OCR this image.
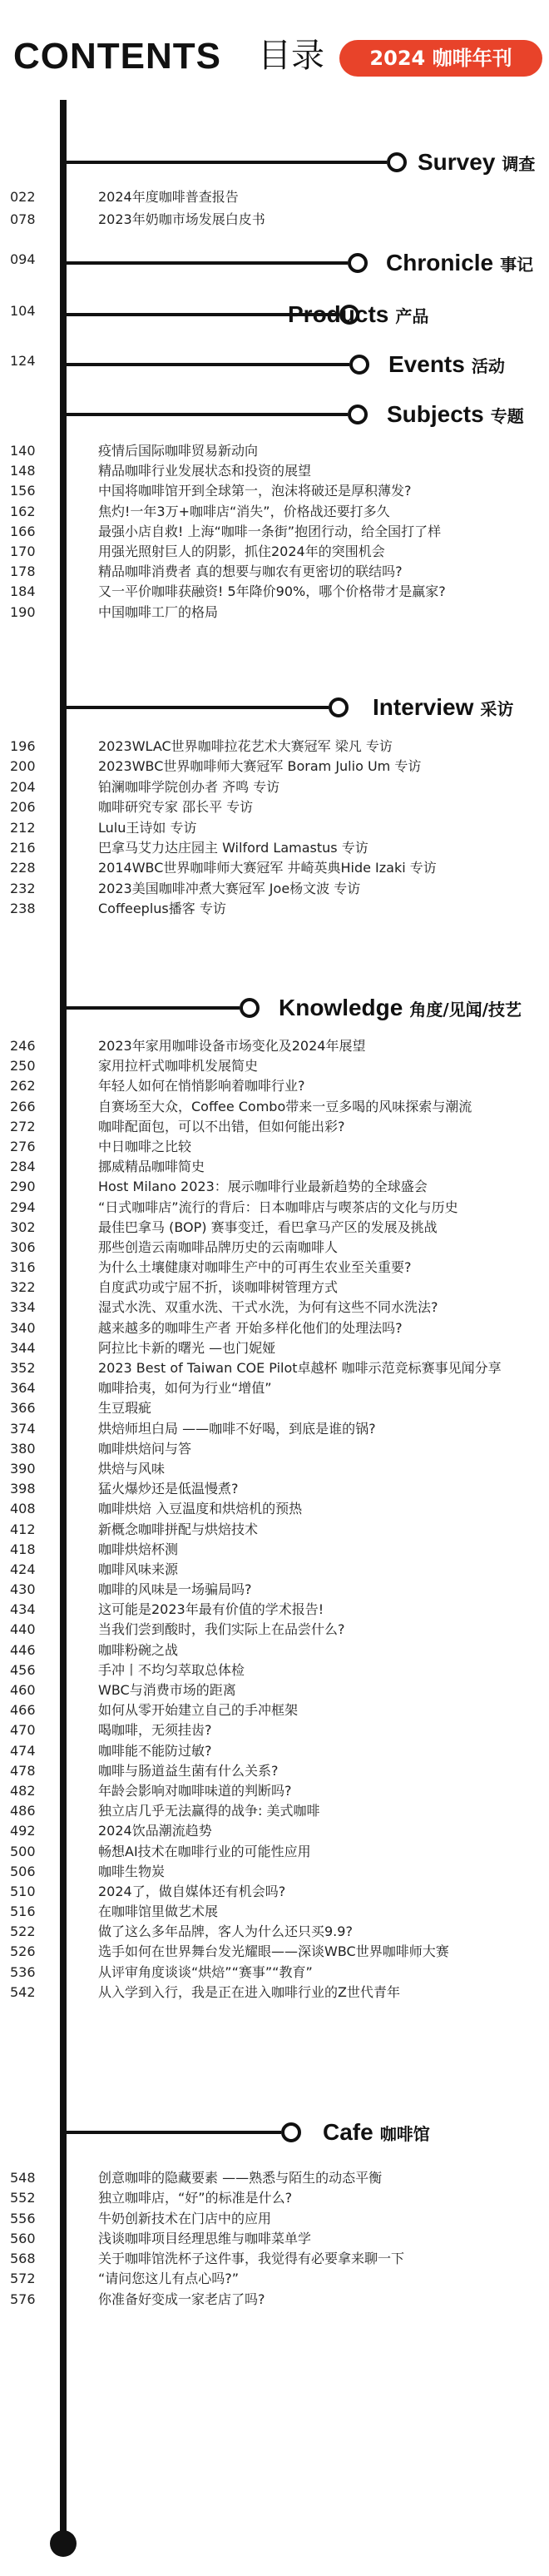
CONTENTS 目录	2024 咖啡年刊
Survey 调查
022	2024年度咖啡普查报告
078	2023年奶咖市场发展白皮书
Chronicle 事记
094
Products 产品
104
Events 活动
124
Subjects 专题
140	疫情后国际咖啡贸易新动向
148	精品咖啡行业发展状态和投资的展望
156	中国将咖啡馆开到全球第一，泡沫将破还是厚积薄发?
162	焦灼!一年3万+咖啡店“消失”，价格战还要打多久
166	最强小店自救! 上海“咖啡一条街”抱团行动，给全国打了样
170	用强光照射巨人的阴影，抓住2024年的突围机会
178	精品咖啡消费者 真的想要与咖农有更密切的联结吗?
184	又一平价咖啡获融资! 5年降价90%，哪个价格带才是赢家?
190	中国咖啡工厂的格局
Interview 采访
196	2023WLAC世界咖啡拉花艺术大赛冠军 梁凡 专访
200	2023WBC世界咖啡师大赛冠军 Boram Julio Um 专访
204	铂澜咖啡学院创办者 齐鸣 专访
206	咖啡研究专家 邵长平 专访
212	Lulu王诗如 专访
216	巴拿马艾力达庄园主 Wilford Lamastus 专访
228	2014WBC世界咖啡师大赛冠军 井崎英典Hide Izaki 专访
232	2023美国咖啡冲煮大赛冠军 Joe杨文波 专访
238	Coffeeplus播客 专访
Knowledge 角度/见闻/技艺
246	2023年家用咖啡设备市场变化及2024年展望
250	家用拉杆式咖啡机发展简史
262	年轻人如何在悄悄影响着咖啡行业?
266	自赛场至大众，Coffee Combo带来一豆多喝的风味探索与潮流
272	咖啡配面包，可以不出错，但如何能出彩?
276	中日咖啡之比较
284	挪威精品咖啡简史
290	Host Milano 2023：展示咖啡行业最新趋势的全球盛会
294	“日式咖啡店”流行的背后：日本咖啡店与喫茶店的文化与历史
302	最佳巴拿马 (BOP) 赛事变迁，看巴拿马产区的发展及挑战
306	那些创造云南咖啡品牌历史的云南咖啡人
316	为什么土壤健康对咖啡生产中的可再生农业至关重要?
322	自度武功或宁屈不折，谈咖啡树管理方式
334	湿式水洗、双重水洗、干式水洗，为何有这些不同水洗法?
340	越来越多的咖啡生产者 开始多样化他们的处理法吗?
344	阿拉比卡新的曙光 —也门妮娅
352	2023 Best of Taiwan COE Pilot卓越杯 咖啡示范竞标赛事见闻分享
364	咖啡拾夷，如何为行业“增值”
366	生豆瑕疵
374	烘焙师坦白局 ——咖啡不好喝，到底是谁的锅?
380	咖啡烘焙问与答
390	烘焙与风味
398	猛火爆炒还是低温慢煮?
408	咖啡烘焙 入豆温度和烘焙机的预热
412	新概念咖啡拼配与烘焙技术
418	咖啡烘焙杯测
424	咖啡风味来源
430	咖啡的风味是一场骗局吗?
434	这可能是2023年最有价值的学术报告!
440	当我们尝到酸时，我们实际上在品尝什么?
446	咖啡粉碗之战
456	手冲丨不均匀萃取总体检
460	WBC与消费市场的距离
466	如何从零开始建立自己的手冲框架
470	喝咖啡，无须挂齿?
474	咖啡能不能防过敏?
478	咖啡与肠道益生菌有什么关系?
482	年龄会影响对咖啡味道的判断吗?
486	独立店几乎无法赢得的战争: 美式咖啡
492	2024饮品潮流趋势
500	畅想AI技术在咖啡行业的可能性应用
506	咖啡生物炭
510	2024了，做自媒体还有机会吗?
516	在咖啡馆里做艺术展
522	做了这么多年品牌，客人为什么还只买9.9?
526	选手如何在世界舞台发光耀眼——深谈WBC世界咖啡师大赛
536	从评审角度谈谈“烘焙”“赛事”“教育”
542	从入学到入行，我是正在进入咖啡行业的Z世代青年
Cafe 咖啡馆
548	创意咖啡的隐藏要素 ——熟悉与陌生的动态平衡
552	独立咖啡店，“好”的标准是什么?
556	牛奶创新技术在门店中的应用
560	浅谈咖啡项目经理思维与咖啡菜单学
568	关于咖啡馆洗杯子这件事，我觉得有必要拿来聊一下
572	“请问您这儿有点心吗?”
576	你准备好变成一家老店了吗?
